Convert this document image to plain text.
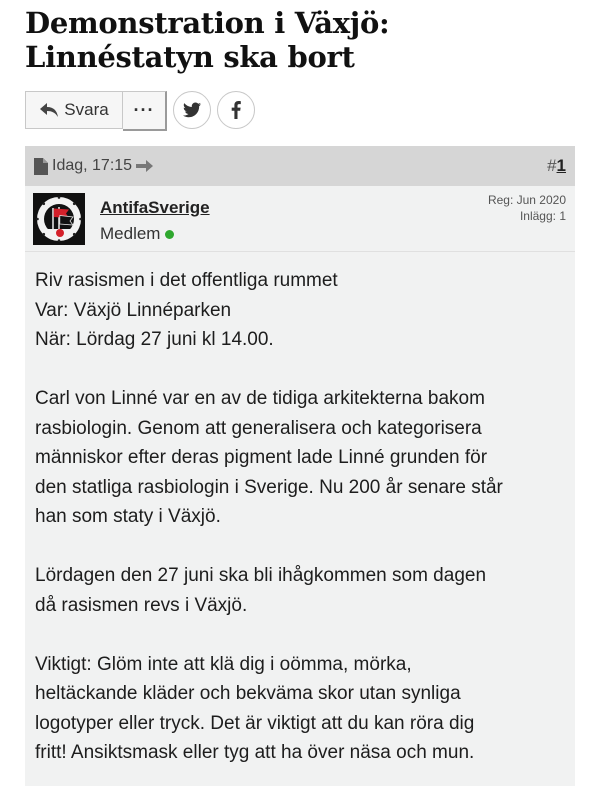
Demonstration i Växjö: Linnéstatyn ska bort
Svara	···
Idag, 17:15	#1
AntifaSverige
Medlem
Reg: Jun 2020
Inlägg: 1

Riv rasismen i det offentliga rummet
Var: Växjö Linnéparken
När: Lördag 27 juni kl 14.00.

Carl von Linné var en av de tidiga arkitekterna bakom
rasbiologin. Genom att generalisera och kategorisera
människor efter deras pigment lade Linné grunden för
den statliga rasbiologin i Sverige. Nu 200 år senare står
han som staty i Växjö.

Lördagen den 27 juni ska bli ihågkommen som dagen
då rasismen revs i Växjö.

Viktigt: Glöm inte att klä dig i oömma, mörka,
heltäckande kläder och bekväma skor utan synliga
logotyper eller tryck. Det är viktigt att du kan röra dig
fritt! Ansiktsmask eller tyg att ha över näsa och mun.
